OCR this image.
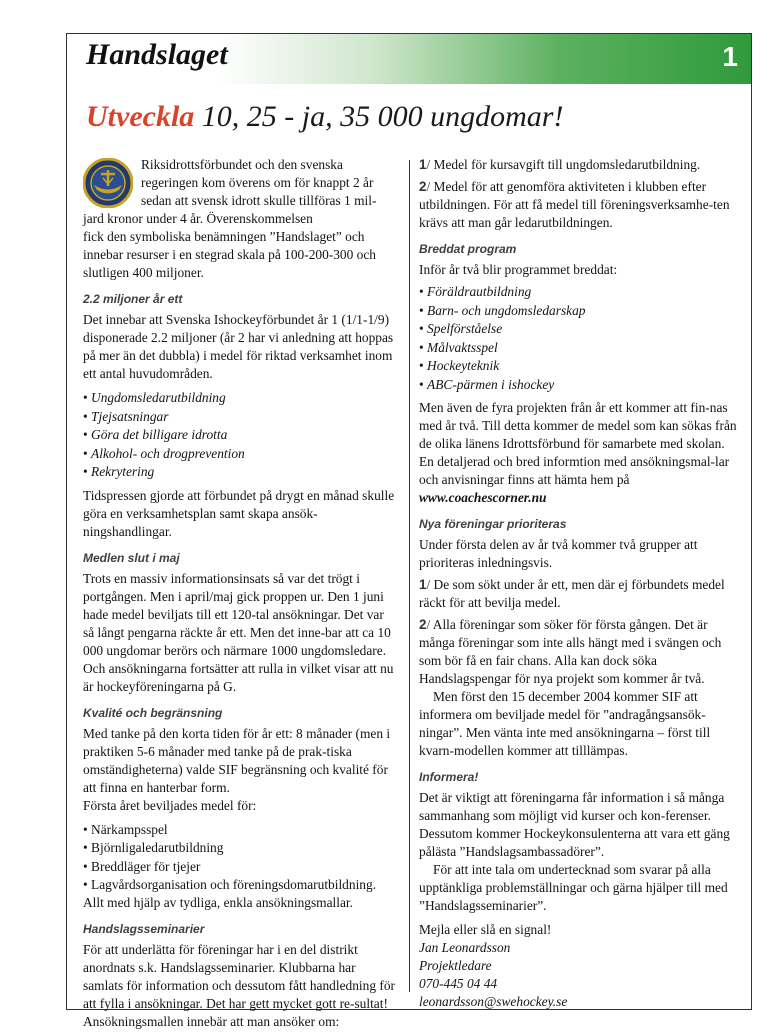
Handslaget	1
Utveckla 10, 25 - ja, 35 000 ungdomar!
Riksidrottsförbundet och den svenska
regeringen kom överens om för knappt 2 år
sedan att svensk idrott skulle tillföras 1 mil-
jard kronor under 4 år. Överenskommelsen
fick den symboliska benämningen ”Handslaget” och innebar resurser i en stegrad skala på 100-200-300 och slutligen 400 miljoner.
2.2 miljoner år ett

Det innebar att Svenska Ishockeyförbundet år 1 (1/1-1/9) disponerade 2.2 miljoner (år 2 har vi anledning att hoppas på mer än det dubbla) i medel för riktad verksamhet inom ett antal huvudområden.

• Ungdomsledarutbildning
• Tjejsatsningar
• Göra det billigare idrotta
• Alkohol- och drogprevention
• Rekrytering

Tidspressen gjorde att förbundet på drygt en månad skulle göra en verksamhetsplan samt skapa ansök-ningshandlingar.

Medlen slut i maj

Trots en massiv informationsinsats så var det trögt i portgången. Men i april/maj gick proppen ur. Den 1 juni hade medel beviljats till ett 120-tal ansökningar. Det var så långt pengarna räckte år ett. Men det inne-bar att ca 10 000 ungdomar berörs och närmare 1000 ungdomsledare. Och ansökningarna fortsätter att rulla in vilket visar att nu är hockeyföreningarna på G.

Kvalité och begränsning

Med tanke på den korta tiden för år ett: 8 månader (men i praktiken 5-6 månader med tanke på de prak-tiska omständigheterna) valde SIF begränsning och kvalité för att finna en hanterbar form.

Första året beviljades medel för:

• Närkampsspel
• Björnligaledarutbildning
• Breddläger för tjejer
• Lagvårdsorganisation och föreningsdomarutbildning.

Allt med hjälp av tydliga, enkla ansökningsmallar.

Handslagsseminarier

För att underlätta för föreningar har i en del distrikt anordnats s.k. Handslagsseminarier. Klubbarna har samlats för information och dessutom fått handledning för att fylla i ansökningar. Det har gett mycket gott re-sultat! Ansökningsmallen innebär att man ansöker om:

1/ Medel för kursavgift till ungdomsledarutbildning.

2/ Medel för att genomföra aktiviteten i klubben efter utbildningen. För att få medel till föreningsverksamhe-ten krävs att man går ledarutbildningen.

Breddat program

Inför år två blir programmet breddat:

• Föräldrautbildning
• Barn- och ungdomsledarskap
• Spelförståelse
• Målvaktsspel
• Hockeyteknik
• ABC-pärmen i ishockey

Men även de fyra projekten från år ett kommer att fin-nas med år två. Till detta kommer de medel som kan sökas från de olika länens Idrottsförbund för samarbete med skolan.

En detaljerad och bred informtion med ansökningsmal-lar och anvisningar finns att hämta hem på

www.coachescorner.nu

Nya föreningar prioriteras

Under första delen av år två kommer två grupper att prioriteras inledningsvis.

1/ De som sökt under år ett, men där ej förbundets medel räckt för att bevilja medel.

2/ Alla föreningar som söker för första gången. Det är många föreningar som inte alls hängt med i svängen och som bör få en fair chans. Alla kan dock söka Handslagspengar för nya projekt som kommer år två.

Men först den 15 december 2004 kommer SIF att informera om beviljade medel för ”andragångsansök-ningar”. Men vänta inte med ansökningarna – först till kvarn-modellen kommer att tilllämpas.

Informera!

Det är viktigt att föreningarna får information i så många sammanhang som möjligt vid kurser och kon-ferenser. Dessutom kommer Hockeykonsulenterna att vara ett gäng pålästa ”Handslagsambassadörer”.

För att inte tala om undertecknad som svarar på alla upptänkliga problemställningar och gärna hjälper till med ”Handslagsseminarier”.

Mejla eller slå en signal!

Jan Leonardsson
Projektledare
070-445 04 44
leonardsson@swehockey.se
